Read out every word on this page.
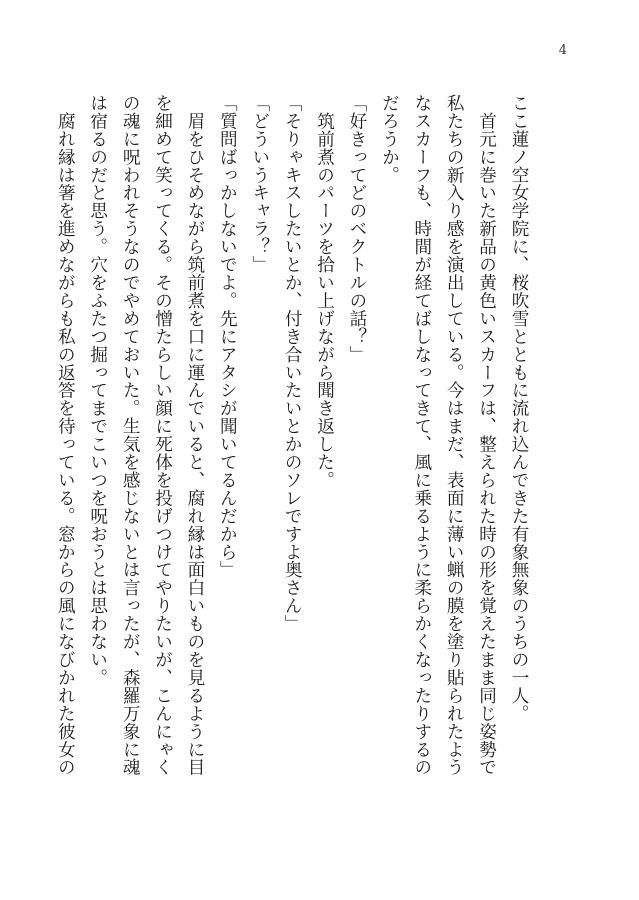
4
ここ蓮ノ空女学院に、桜吹雪とともに流れ込んできた有象無象のうちの一人。
　首元に巻いた新品の黄色いスカーフは、整えられた時の形を覚えたまま同じ姿勢で
私たちの新入り感を演出している。今はまだ、表面に薄い蝋の膜を塗り貼られたよう
なスカーフも、時間が経てばしなってきて、風に乗るように柔らかくなったりするの
だろうか。
「好きってどのベクトルの話？」
　筑前煮のパーツを拾い上げながら聞き返した。
「そりゃキスしたいとか、付き合いたいとかのソレですよ奥さん」
「どういうキャラ？」
「質問ばっかしないでよ。先にアタシが聞いてるんだから」
　眉をひそめながら筑前煮を口に運んでいると、腐れ縁は面白いものを見るように目
を細めて笑ってくる。その憎たらしい顔に死体を投げつけてやりたいが、こんにゃく
の魂に呪われそうなのでやめておいた。生気を感じないとは言ったが、森羅万象に魂
は宿るのだと思う。穴をふたつ掘ってまでこいつを呪おうとは思わない。
　腐れ縁は箸を進めながらも私の返答を待っている。窓からの風になびかれた彼女の
